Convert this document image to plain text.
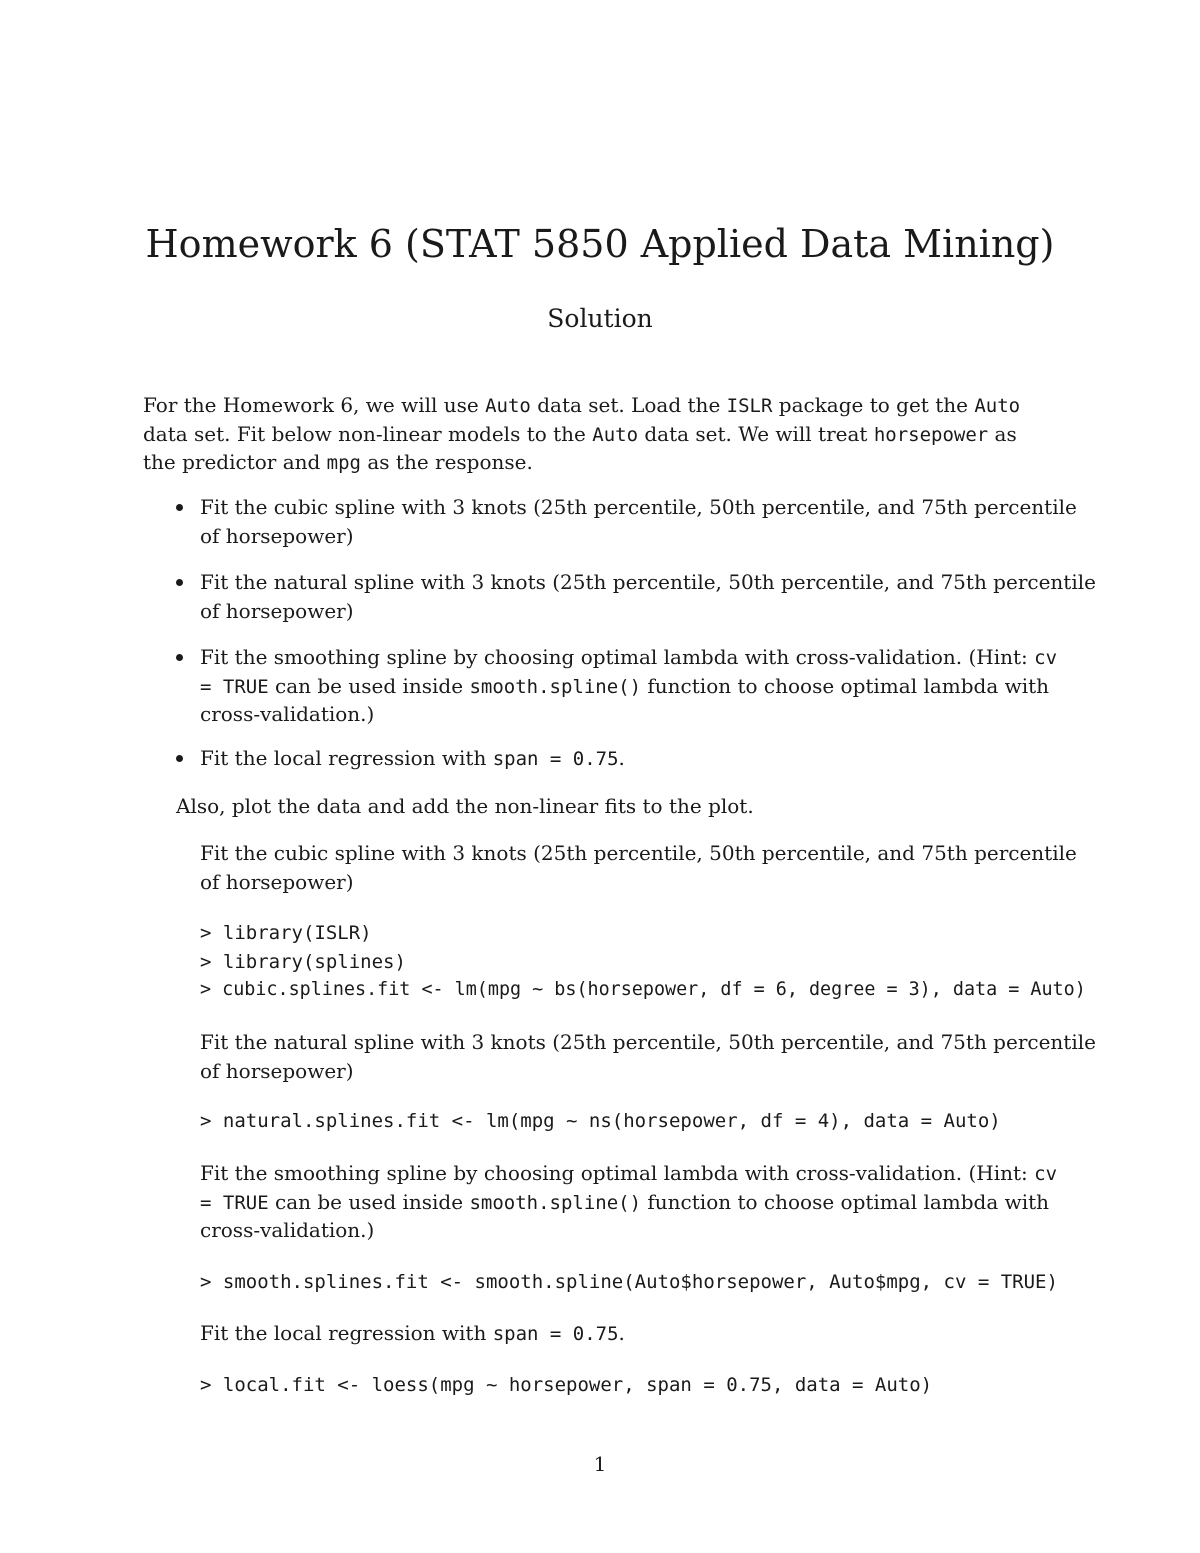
Homework 6 (STAT 5850 Applied Data Mining)
Solution
For the Homework 6, we will use Auto data set. Load the ISLR package to get the Auto
data set. Fit below non-linear models to the Auto data set. We will treat horsepower as
the predictor and mpg as the response.
Fit the cubic spline with 3 knots (25th percentile, 50th percentile, and 75th percentile
of horsepower)
Fit the natural spline with 3 knots (25th percentile, 50th percentile, and 75th percentile
of horsepower)
Fit the smoothing spline by choosing optimal lambda with cross-validation. (Hint: cv
= TRUE can be used inside smooth.spline() function to choose optimal lambda with
cross-validation.)
Fit the local regression with span = 0.75.
Also, plot the data and add the non-linear fits to the plot.
Fit the cubic spline with 3 knots (25th percentile, 50th percentile, and 75th percentile
of horsepower)
> library(ISLR)
> library(splines)
> cubic.splines.fit <- lm(mpg ~ bs(horsepower, df = 6, degree = 3), data = Auto)
Fit the natural spline with 3 knots (25th percentile, 50th percentile, and 75th percentile
of horsepower)
> natural.splines.fit <- lm(mpg ~ ns(horsepower, df = 4), data = Auto)
Fit the smoothing spline by choosing optimal lambda with cross-validation. (Hint: cv
= TRUE can be used inside smooth.spline() function to choose optimal lambda with
cross-validation.)
> smooth.splines.fit <- smooth.spline(Auto$horsepower, Auto$mpg, cv = TRUE)
Fit the local regression with span = 0.75.
> local.fit <- loess(mpg ~ horsepower, span = 0.75, data = Auto)
1
